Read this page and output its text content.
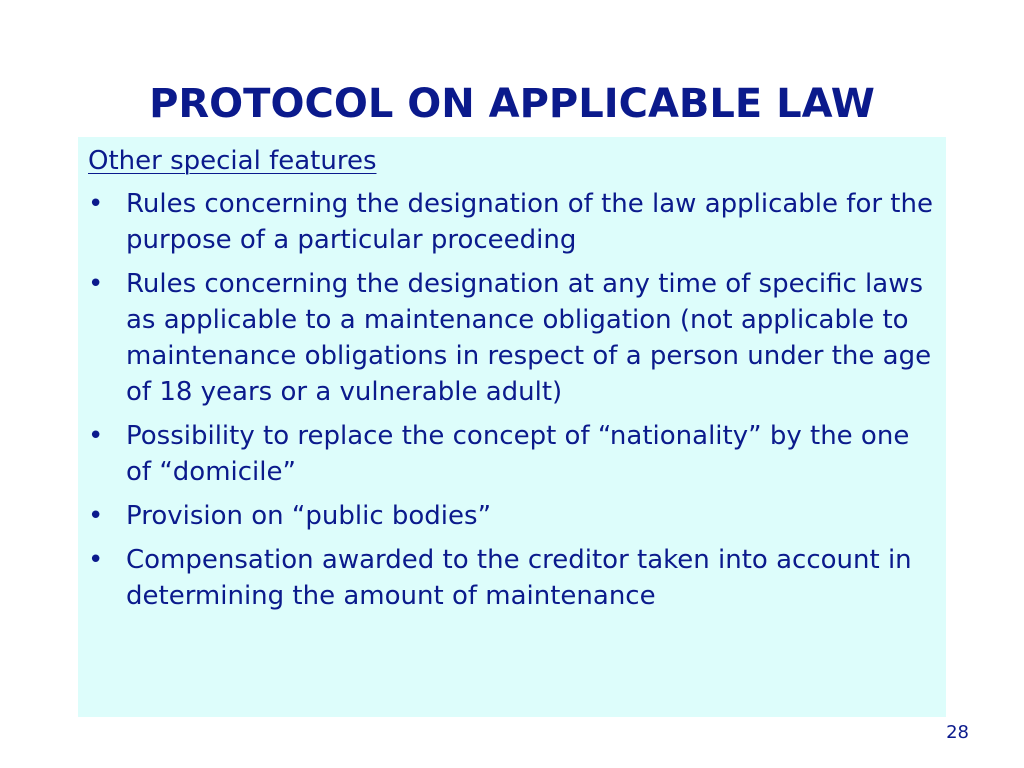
PROTOCOL ON APPLICABLE LAW
Other special features
• Rules concerning the designation of the law applicable for the purpose of a particular proceeding
• Rules concerning the designation at any time of specific laws as applicable to a maintenance obligation (not applicable to maintenance obligations in respect of a person under the age of 18 years or a vulnerable adult)
• Possibility to replace the concept of “nationality” by the one of “domicile”
• Provision on “public bodies”
• Compensation awarded to the creditor taken into account in determining the amount of maintenance
28
